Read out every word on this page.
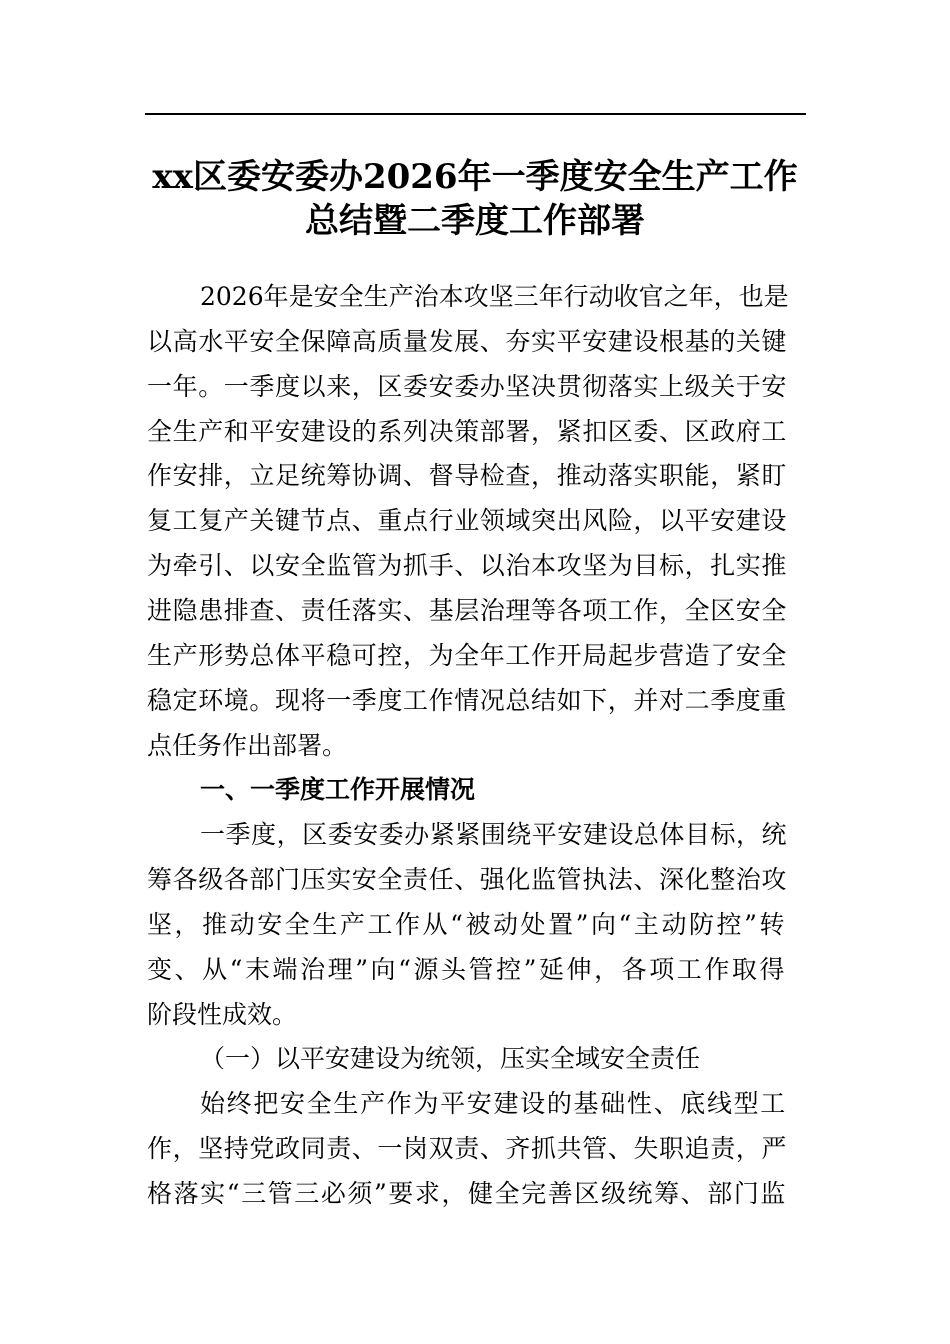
xx区委安委办2026年一季度安全生产工作
总结暨二季度工作部署
2026年是安全生产治本攻坚三年行动收官之年，也是
以高水平安全保障高质量发展、夯实平安建设根基的关键
一年。一季度以来，区委安委办坚决贯彻落实上级关于安
全生产和平安建设的系列决策部署，紧扣区委、区政府工
作安排，立足统筹协调、督导检查，推动落实职能，紧盯
复工复产关键节点、重点行业领域突出风险，以平安建设
为牵引、以安全监管为抓手、以治本攻坚为目标，扎实推
进隐患排查、责任落实、基层治理等各项工作，全区安全
生产形势总体平稳可控，为全年工作开局起步营造了安全
稳定环境。现将一季度工作情况总结如下，并对二季度重
点任务作出部署。
一、一季度工作开展情况
一季度，区委安委办紧紧围绕平安建设总体目标，统
筹各级各部门压实安全责任、强化监管执法、深化整治攻
坚，推动安全生产工作从“被动处置”向“主动防控”转
变、从“末端治理”向“源头管控”延伸，各项工作取得
阶段性成效。
（一）以平安建设为统领，压实全域安全责任
始终把安全生产作为平安建设的基础性、底线型工
作，坚持党政同责、一岗双责、齐抓共管、失职追责，严
格落实“三管三必须”要求，健全完善区级统筹、部门监
